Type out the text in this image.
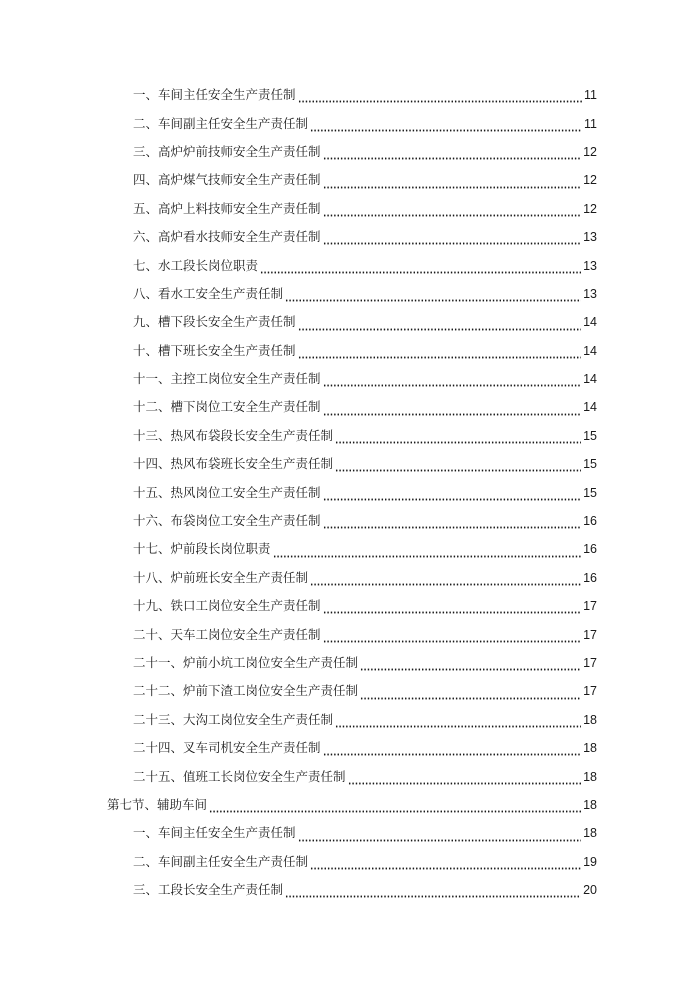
一、车间主任安全生产责任制	11
二、车间副主任安全生产责任制	11
三、高炉炉前技师安全生产责任制	12
四、高炉煤气技师安全生产责任制	12
五、高炉上料技师安全生产责任制	12
六、高炉看水技师安全生产责任制	13
七、水工段长岗位职责	13
八、看水工安全生产责任制	13
九、槽下段长安全生产责任制	14
十、槽下班长安全生产责任制	14
十一、主控工岗位安全生产责任制	14
十二、槽下岗位工安全生产责任制	14
十三、热风布袋段长安全生产责任制	15
十四、热风布袋班长安全生产责任制	15
十五、热风岗位工安全生产责任制	15
十六、布袋岗位工安全生产责任制	16
十七、炉前段长岗位职责	16
十八、炉前班长安全生产责任制	16
十九、铁口工岗位安全生产责任制	17
二十、天车工岗位安全生产责任制	17
二十一、炉前小坑工岗位安全生产责任制	17
二十二、炉前下渣工岗位安全生产责任制	17
二十三、大沟工岗位安全生产责任制	18
二十四、叉车司机安全生产责任制	18
二十五、值班工长岗位安全生产责任制	18
第七节、辅助车间	18
一、车间主任安全生产责任制	18
二、车间副主任安全生产责任制	19
三、工段长安全生产责任制	20
